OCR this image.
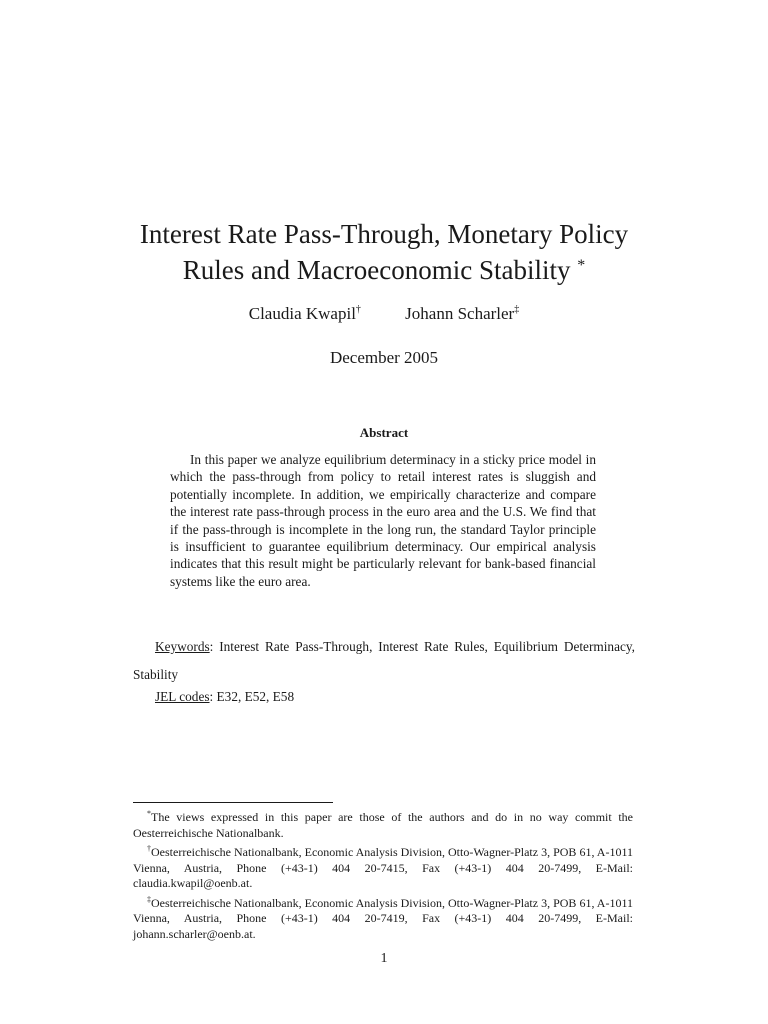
Interest Rate Pass-Through, Monetary Policy
Rules and Macroeconomic Stability *
Claudia Kwapil†	Johann Scharler‡
December 2005
Abstract

In this paper we analyze equilibrium determinacy in a sticky price model in which the pass-through from policy to retail interest rates is sluggish and potentially incomplete. In addition, we empirically characterize and compare the interest rate pass-through process in the euro area and the U.S. We find that if the pass-through is incomplete in the long run, the standard Taylor principle is insufficient to guarantee equilibrium determinacy. Our empirical analysis indicates that this result might be particularly relevant for bank-based financial systems like the euro area.

Keywords: Interest Rate Pass-Through, Interest Rate Rules, Equilibrium Determinacy, Stability

JEL codes: E32, E52, E58

*The views expressed in this paper are those of the authors and do in no way commit the Oesterreichische Nationalbank.

†Oesterreichische Nationalbank, Economic Analysis Division, Otto-Wagner-Platz 3, POB 61, A-1011 Vienna, Austria, Phone (+43-1) 404 20-7415, Fax (+43-1) 404 20-7499, E-Mail: claudia.kwapil@oenb.at.

‡Oesterreichische Nationalbank, Economic Analysis Division, Otto-Wagner-Platz 3, POB 61, A-1011 Vienna, Austria, Phone (+43-1) 404 20-7419, Fax (+43-1) 404 20-7499, E-Mail: johann.scharler@oenb.at.

1
